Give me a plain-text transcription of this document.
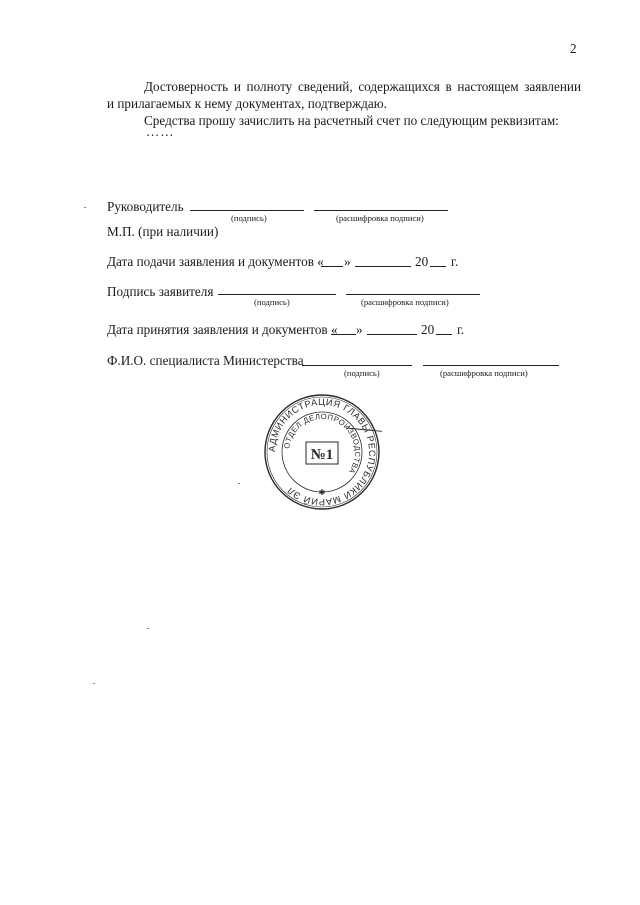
2
Достоверность и полноту сведений, содержащихся в настоящем заявлении
и прилагаемых к нему документах, подтверждаю.
Средства прошу зачислить на расчетный счет по следующим реквизитам:
……
Руководитель
(подпись)	(расшифровка подписи)
М.П. (при наличии)
Дата подачи заявления и документов « »	20 г.
Подпись заявителя
(подпись)	(расшифровка подписи)
Дата принятия заявления и документов « »	20 г.
Ф.И.О. специалиста Министерства
(подпись)	(расшифровка подписи)
АДМИНИСТРАЦИЯ ГЛАВЫ РЕСПУБЛИКИ МАРИЙ ЭЛ
ОТДЕЛ ДЕЛОПРОИЗВОДСТВА
№1
✱
